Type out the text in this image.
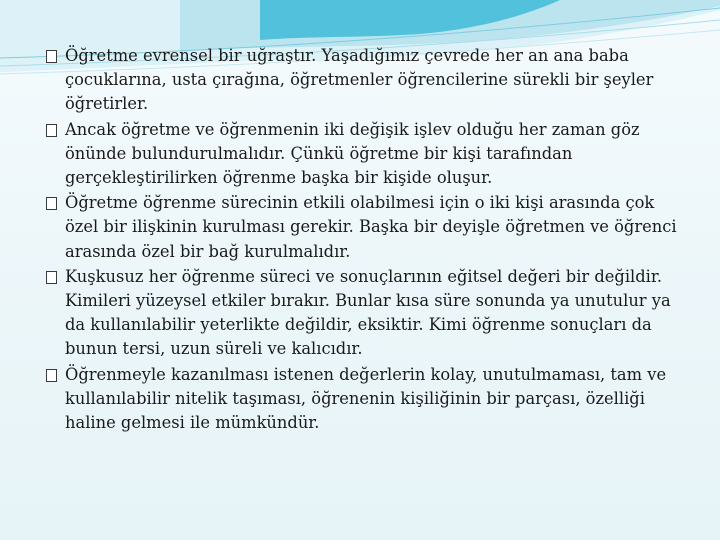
Öğretme evrensel bir uğraştır. Yaşadığımız çevrede her an ana baba çocuklarına, usta çırağına, öğretmenler öğrencilerine sürekli bir şeyler öğretirler.
Ancak öğretme ve öğrenmenin iki değişik işlev olduğu her zaman göz önünde bulundurulmalıdır. Çünkü öğretme bir kişi tarafından gerçekleştirilirken öğrenme başka bir kişide oluşur.
Öğretme öğrenme sürecinin etkili olabilmesi için o iki kişi arasında çok özel bir ilişkinin kurulması gerekir. Başka bir deyişle öğretmen ve öğrenci arasında özel bir bağ kurulmalıdır.
Kuşkusuz her öğrenme süreci ve sonuçlarının eğitsel değeri bir değildir. Kimileri yüzeysel etkiler bırakır. Bunlar kısa süre sonunda ya unutulur ya da kullanılabilir yeterlikte değildir, eksiktir. Kimi öğrenme sonuçları da bunun tersi, uzun süreli ve kalıcıdır.
Öğrenmeyle kazanılması istenen değerlerin kolay, unutulmaması, tam ve kullanılabilir nitelik taşıması, öğrenenin kişiliğinin bir parçası, özelliği haline gelmesi ile mümkündür.
